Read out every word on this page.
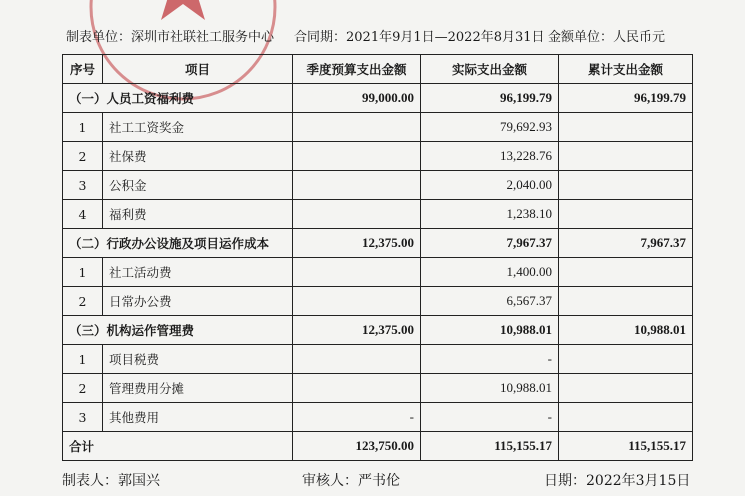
制表单位：深圳市社联社工服务中心 合同期：2021年9月1日—2022年8月31日 金额单位：人民币元
序号	项目	季度预算支出金额	实际支出金额	累计支出金额
（一）人员工资福利费		99,000.00	96,199.79	96,199.79
1	社工工资奖金		79,692.93	
2	社保费		13,228.76	
3	公积金		2,040.00	
4	福利费		1,238.10	
（二）行政办公设施及项目运作成本		12,375.00	7,967.37	7,967.37
1	社工活动费		1,400.00	
2	日常办公费		6,567.37	
（三）机构运作管理费		12,375.00	10,988.01	10,988.01
1	项目税费		-	
2	管理费用分摊		10,988.01	
3	其他费用	-	-	
合计		123,750.00	115,155.17	115,155.17
制表人：郭国兴	审核人：严书伦	日期：2022年3月15日
